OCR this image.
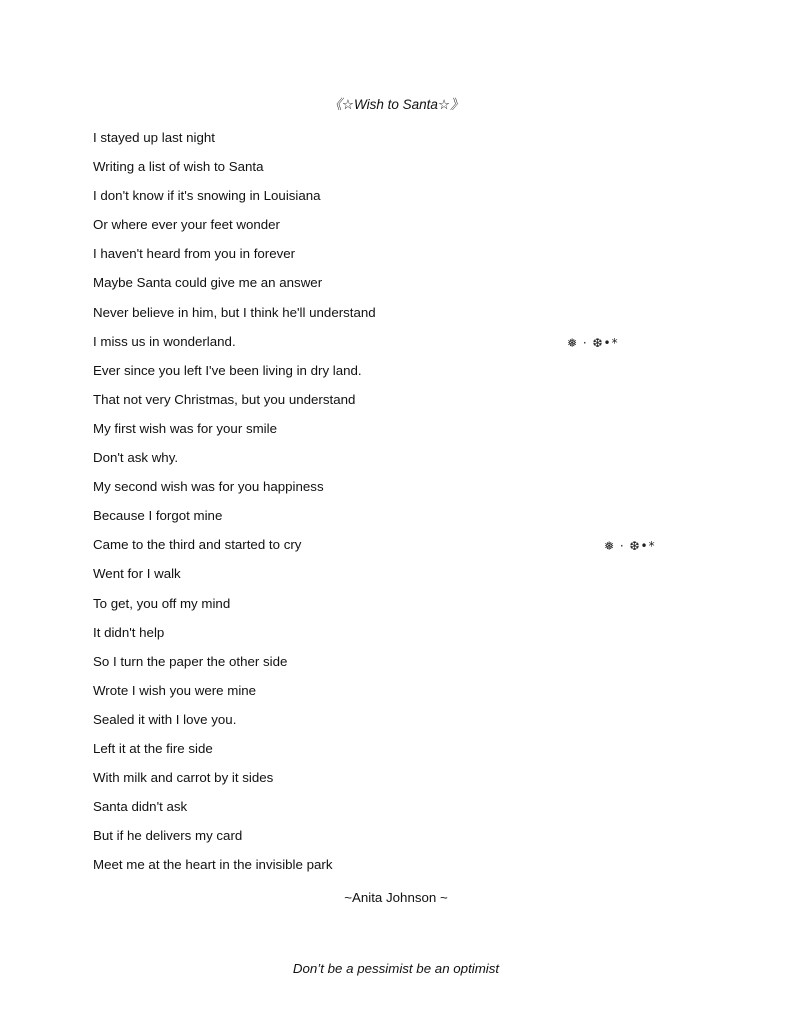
《☆Wish to Santa☆》
I stayed up last night
Writing a list of wish to Santa
I don't know if it's snowing in Louisiana
Or where ever your feet wonder
I haven't heard from you in forever
Maybe Santa could give me an answer
Never believe in him, but I think he'll understand
I miss us in wonderland.	❅ · ❆•*
Ever since you left I've been living in dry land.
That not very Christmas, but you understand
My first wish was for your smile
Don't ask why.
My second wish was for you happiness
Because I forgot mine
Came to the third and started to cry	❅ · ❆•*
Went for I walk
To get, you off my mind
It didn't help
So I turn the paper the other side
Wrote I wish you were mine
Sealed it with I love you.
Left it at the fire side
With milk and carrot by it sides
Santa didn't ask
But if he delivers my card
Meet me at the heart in the invisible park
~Anita Johnson ~
Don’t be a pessimist be an optimist
